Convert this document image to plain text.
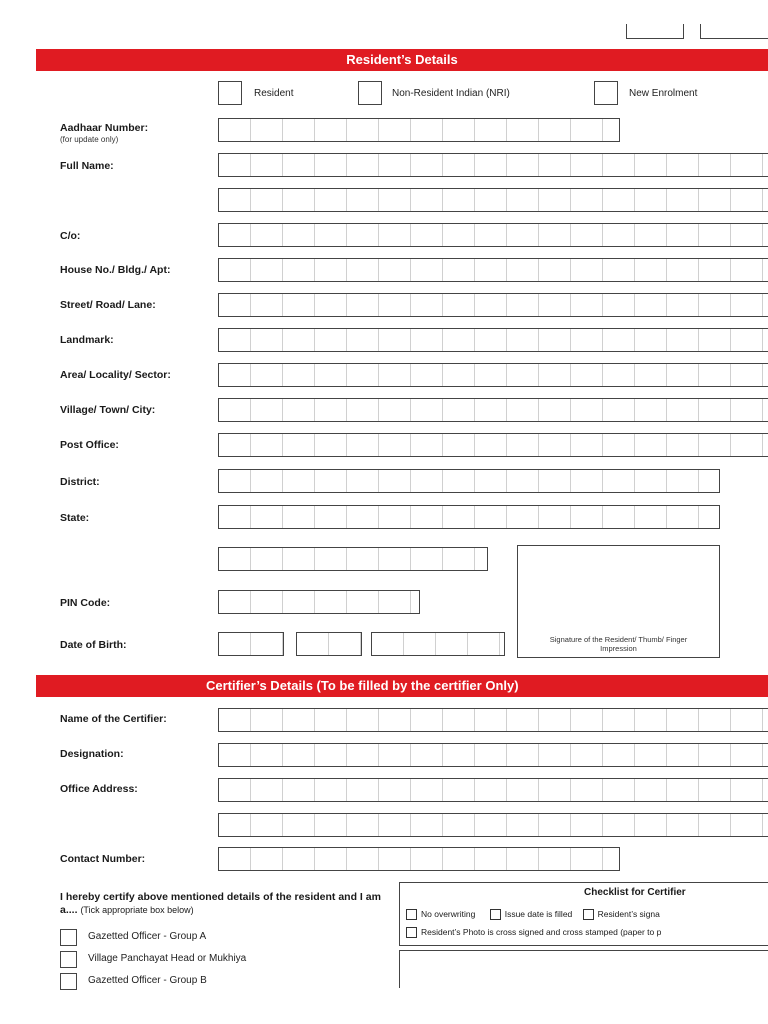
Resident’s Details
Resident	Non-Resident Indian (NRI)	New Enrolment
Aadhaar Number:
(for update only)
Full Name:
C/o:
House No./ Bldg./ Apt:
Street/ Road/ Lane:
Landmark:
Area/ Locality/ Sector:
Village/ Town/ City:
Post Office:
District:
State:
Signature of the Resident/ Thumb/ Finger Impression
PIN Code:
Date of Birth:
Certifier’s Details (To be filled by the certifier Only)
Name of the Certifier:
Designation:
Office Address:
Contact Number:
I hereby certify above mentioned details of the resident and I am a.... (Tick appropriate box below)
Gazetted Officer - Group A
Village Panchayat Head or Mukhiya
Gazetted Officer - Group B
Checklist for Certifier
No overwriting	Issue date is filled	Resident’s signa
Resident’s Photo is cross signed and cross stamped (paper to p
